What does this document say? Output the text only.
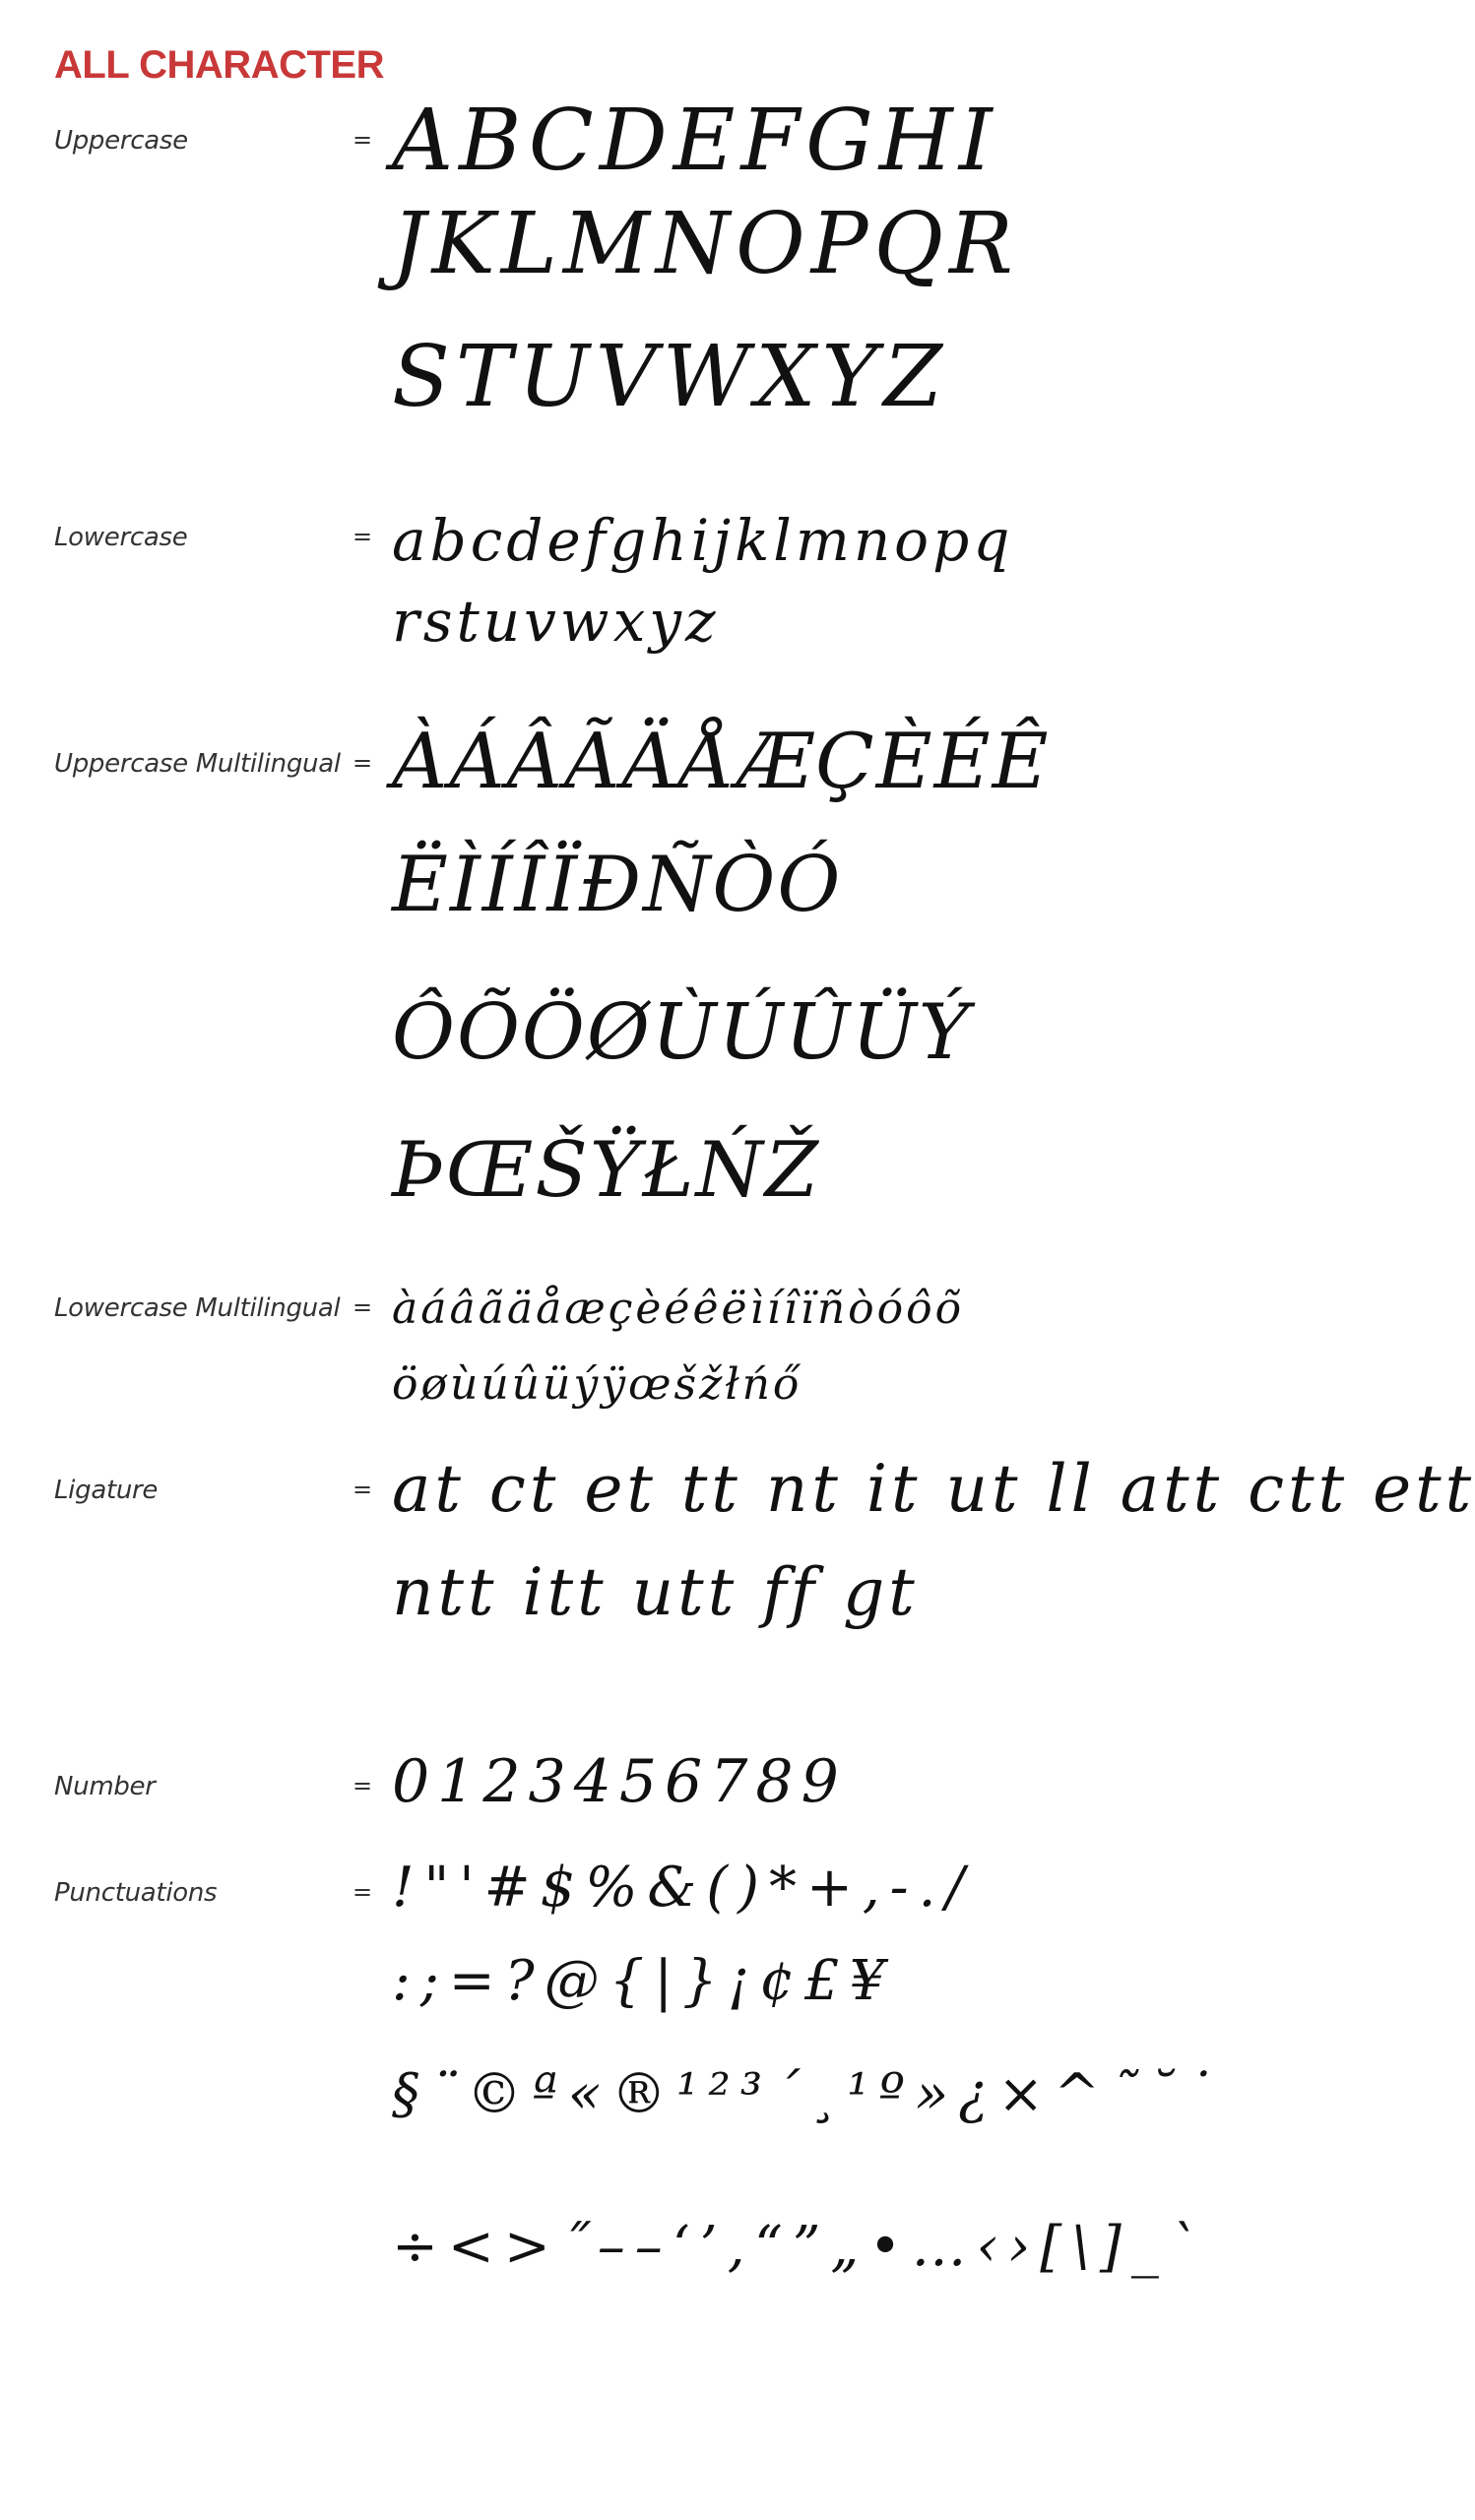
ALL CHARACTER
Uppercase	= ABCDEFGHI
JKLMNOPQR
STUVWXYZ
Lowercase	= abcdefghijklmnopq
rstuvwxyz
Uppercase Multilingual = ÀÁÂÃÄÅÆÇÈÉÊ
ËÌÍÎÏÐÑÒÓ
ÔÕÖØÙÚÛÜÝ
ÞŒŠŸŁŃŽ
Lowercase Multilingual = àáâãäåæçèéêëìíîïñòóôõ
öøùúûüýÿœšžłńő
Ligature	= at ct et tt nt it ut ll att ctt ett
ntt itt utt ff gt
Number	= 0123456789
Punctuations	= !"'#$%&()*+,-./
:;=?@{|}¡¢£¥
§¨©ª«®¹²³´¸¹º»¿×^˜˘˙
÷<>˝––‘’‚“”„•…‹›[\]_`
